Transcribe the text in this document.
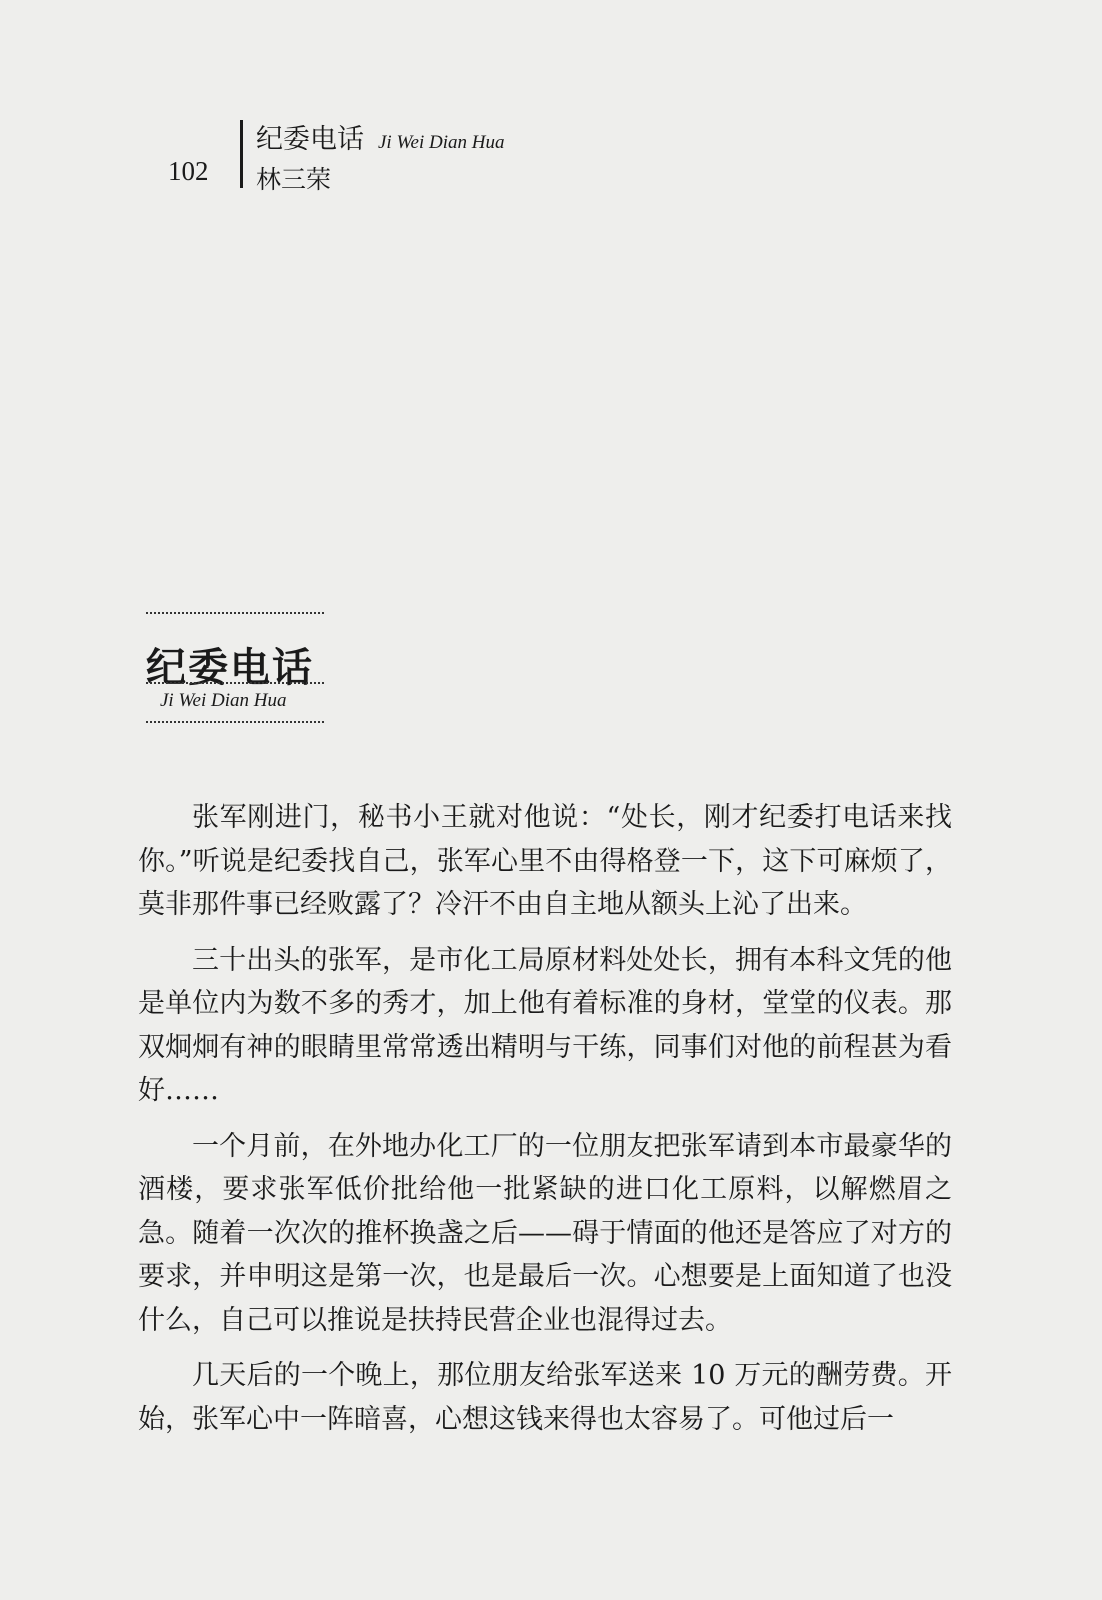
102
纪委电话 Ji Wei Dian Hua
林三荣
纪委电话
Ji Wei Dian Hua

张军刚进门，秘书小王就对他说：“处长，刚才纪委打电话来找你。”听说是纪委找自己，张军心里不由得格登一下，这下可麻烦了，莫非那件事已经败露了？冷汗不由自主地从额头上沁了出来。

三十出头的张军，是市化工局原材料处处长，拥有本科文凭的他是单位内为数不多的秀才，加上他有着标准的身材，堂堂的仪表。那双炯炯有神的眼睛里常常透出精明与干练，同事们对他的前程甚为看好……

一个月前，在外地办化工厂的一位朋友把张军请到本市最豪华的酒楼，要求张军低价批给他一批紧缺的进口化工原料，以解燃眉之急。随着一次次的推杯换盏之后——碍于情面的他还是答应了对方的要求，并申明这是第一次，也是最后一次。心想要是上面知道了也没什么，自己可以推说是扶持民营企业也混得过去。

几天后的一个晚上，那位朋友给张军送来 10 万元的酬劳费。开始，张军心中一阵暗喜，心想这钱来得也太容易了。可他过后一
